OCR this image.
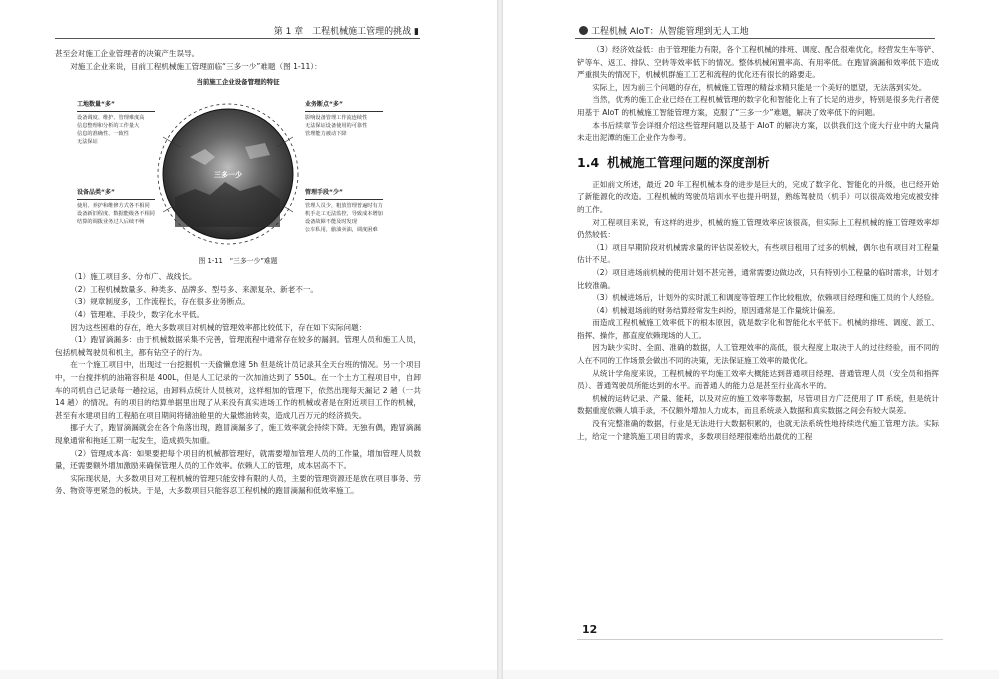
第 1 章　工程机械施工管理的挑战 ▮

甚至会对施工企业管理者的决策产生误导。

对施工企业来说，目前工程机械施工管理面临“三多一少”难题（图 1-11）：

当前施工企业设备管理的特征
三多一少
工地数量“多”
设备调度、维护、管理难度高
信息整理和分析的工作量大
信息的准确性、一致性
无法保证
业务断点“多”
影响设备管理工作流连续性
无法保证设备使用的可靠性
管理能力被动下降
设备品类“多”
使用、养护和维修方式各不相同
设备新旧程度、数据能级各不相同
结算的调拨业务过人后续不畅
管理手段“少”
管理人员少，粗放管理普遍时有力
机手走工无法监控，导致成本增加
设备故障不能及时发现
公车私用，偷油卖油，调度困难
图 1-11　“三多一少”难题

（1）施工项目多、分布广、战线长。

（2）工程机械数量多、种类多、品牌多、型号多、来源复杂、新老不一。

（3）规章制度多，工作流程长，存在很多业务断点。

（4）管理难、手段少，数字化水平低。

因为这些困难的存在，绝大多数项目对机械的管理效率都比较低下，存在如下实际问题：

（1）跑冒滴漏多：由于机械数据采集不完善，管理流程中通常存在较多的漏洞。管理人员和施工人员，包括机械驾驶员和机主，都有钻空子的行为。

在一个施工项目中，出现过一台挖掘机一天偷懒怠速 5h 但是统计员记录其全天台班的情况。另一个项目中，一台搅拌机的油箱容积是 400L，但是人工记录的一次加油达到了 550L。在一个土方工程项目中，自卸车的司机自己记录每一趟拉运，由卸料点统计人员核对，这样相加的管理下，依然出现每天漏记 2 趟（一共 14 趟）的情况。有的项目的结算单据里出现了从来没有真实进场工作的机械或者是在附近项目工作的机械，甚至有水建项目的工程船在项目期间将储油舱里的大量燃油转卖，造成几百万元的经济损失。

挪子大了，跑冒滴漏就会在各个角落出现，跑冒滴漏多了，施工效率就会持续下降。无独有偶，跑冒滴漏现象通常和拖延工期一起发生，造成损失加重。

（2）管理成本高：如果要把每个项目的机械都管理好，就需要增加管理人员的工作量，增加管理人员数量，还需要额外增加激励来确保管理人员的工作效率。依赖人工的管理，成本居高不下。

实际现状是，大多数项目对工程机械的管理只能安排有限的人员，主要的管理资源还是放在项目事务、劳务、物资等更紧急的板块。于是，大多数项目只能容忍工程机械的跑冒滴漏和低效率施工。

工程机械 AIoT：从智能管理到无人工地

（3）经济效益低：由于管理能力有限，各个工程机械的排班、调度、配合很难优化，经营发生车等铲、铲等车、返工、排队、空转等效率低下的情况。整体机械闲置率高、有用率低。在跑冒滴漏和效率低下造成严重损失的情况下，机械机群施工工艺和流程的优化还有很长的路要走。

实际上，因为前三个问题的存在，机械施工管理的精益求精只能是一个美好的愿望，无法落到实处。

当然，优秀的施工企业已经在工程机械管理的数字化和智能化上有了长足的进步，特别是很多先行者使用基于 AIoT 的机械施工智能管理方案，克服了“三多一少”难题，解决了效率低下的问题。

本书后续章节会详细介绍这些管理问题以及基于 AIoT 的解决方案，以供我们这个庞大行业中的大量尚未走出泥潭的施工企业作为参考。

1.4 机械施工管理问题的深度剖析

正如前文所述，最近 20 年工程机械本身的进步是巨大的，完成了数字化、智能化的升级，也已经开始了新能源化的改造。工程机械的驾驶员培训水平也提升明显，熟练驾驶员（机手）可以很高效地完成被安排的工作。

对工程项目来说，有这样的进步，机械的施工管理效率应该很高，但实际上工程机械的施工管理效率却仍然较低：

（1）项目早期阶段对机械需求量的评估误差较大，有些项目租用了过多的机械，偶尔也有项目对工程量估计不足。

（2）项目进场前机械的使用计划不甚完善，通常需要边做边改，只有特别小工程量的临时需求，计划才比较准确。

（3）机械进场后，计划外的实时派工和调度等管理工作比较粗放，依赖项目经理和施工员的个人经验。

（4）机械退场前的财务结算经常发生纠纷，原因通常是工作量统计偏差。

而造成工程机械施工效率低下的根本原因，就是数字化和智能化水平低下。机械的排班、调度、派工、指挥、操作，都直度依赖现场的人工。

因为缺少实时、全面、准确的数据，人工管理效率的高低，很大程度上取决于人的过往经验，而不同的人在不同的工作场景会做出不同的决策，无法保证施工效率的最优化。

从统计学角度来说，工程机械的平均施工效率大概能达到普通项目经理、普通管理人员（安全员和指挥员）、普通驾驶员所能达到的水平。而普通人的能力总是甚至行业高水平的。

机械的运转记录、产量、能耗，以及对应的施工效率等数据，尽管项目方广泛使用了 IT 系统，但是统计数据重度依赖人填手录，不仅额外增加人力成本，而且系统录入数据和真实数据之间会有较大误差。

没有完整准确的数据，行业是无法进行大数据积累的，也就无法系统性地持续迭代施工管理方法。实际上，给定一个建筑施工项目的需求，多数项目经理很难给出最优的工程

12
